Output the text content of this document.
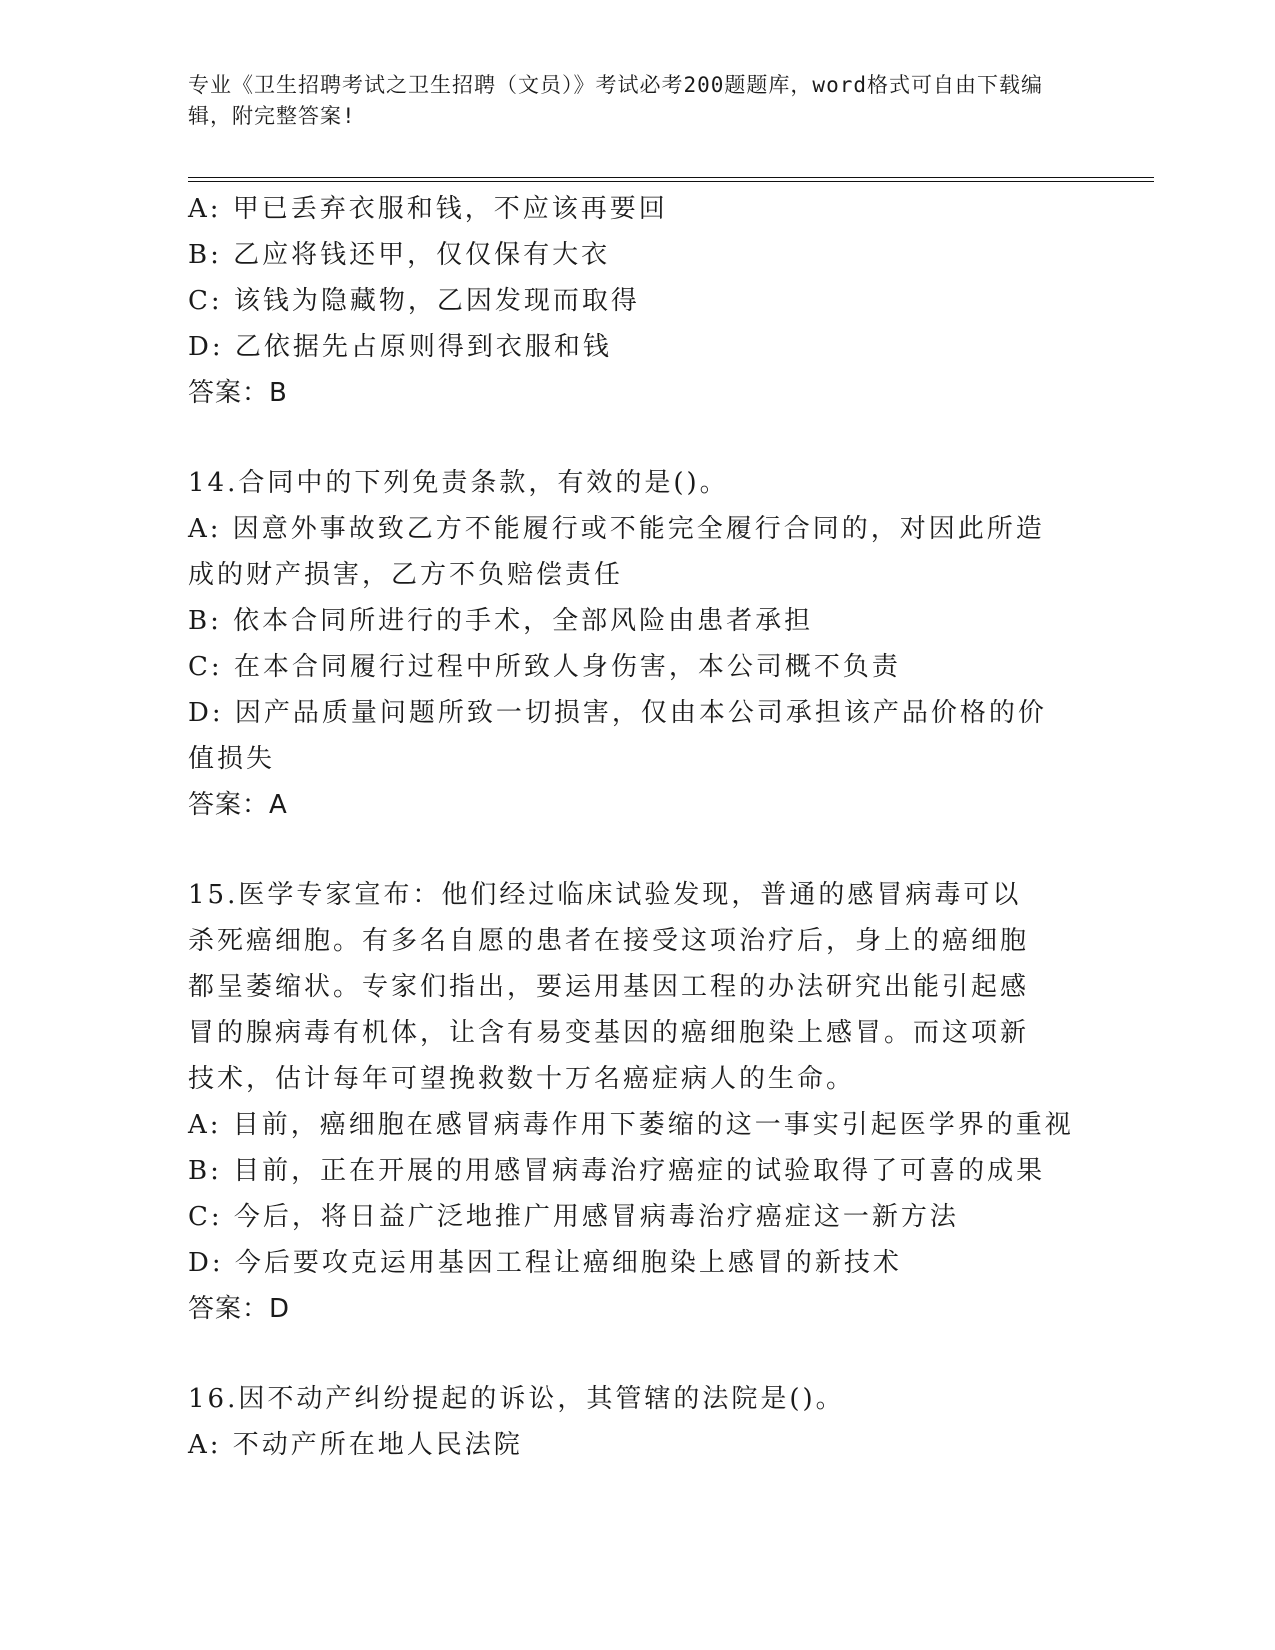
专业《卫生招聘考试之卫生招聘（文员）》考试必考200题题库，word格式可自由下载编辑，附完整答案!
A: 甲已丢弃衣服和钱，不应该再要回
B: 乙应将钱还甲，仅仅保有大衣
C: 该钱为隐藏物，乙因发现而取得
D: 乙依据先占原则得到衣服和钱
答案：B
14.合同中的下列免责条款，有效的是()。
A: 因意外事故致乙方不能履行或不能完全履行合同的，对因此所造成的财产损害，乙方不负赔偿责任
B: 依本合同所进行的手术，全部风险由患者承担
C: 在本合同履行过程中所致人身伤害，本公司概不负责
D: 因产品质量问题所致一切损害，仅由本公司承担该产品价格的价值损失
答案：A
15.医学专家宣布：他们经过临床试验发现，普通的感冒病毒可以杀死癌细胞。有多名自愿的患者在接受这项治疗后，身上的癌细胞都呈萎缩状。专家们指出，要运用基因工程的办法研究出能引起感冒的腺病毒有机体，让含有易变基因的癌细胞染上感冒。而这项新技术，估计每年可望挽救数十万名癌症病人的生命。
A: 目前，癌细胞在感冒病毒作用下萎缩的这一事实引起医学界的重视
B: 目前，正在开展的用感冒病毒治疗癌症的试验取得了可喜的成果
C: 今后，将日益广泛地推广用感冒病毒治疗癌症这一新方法
D: 今后要攻克运用基因工程让癌细胞染上感冒的新技术
答案：D
16.因不动产纠纷提起的诉讼，其管辖的法院是()。
A: 不动产所在地人民法院
